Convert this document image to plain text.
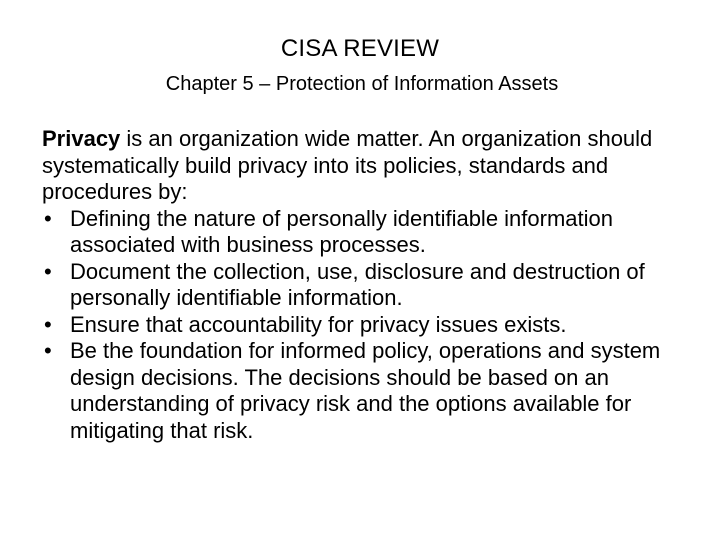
CISA REVIEW
Chapter 5 – Protection of Information Assets
Privacy is an organization wide matter. An organization should systematically build privacy into its policies, standards and procedures by:
• Defining the nature of personally identifiable information associated with business processes.
• Document the collection, use, disclosure and destruction of personally identifiable information.
• Ensure that accountability for privacy issues exists.
• Be the foundation for informed policy, operations and system design decisions. The decisions should be based on an understanding of privacy risk and the options available for mitigating that risk.
